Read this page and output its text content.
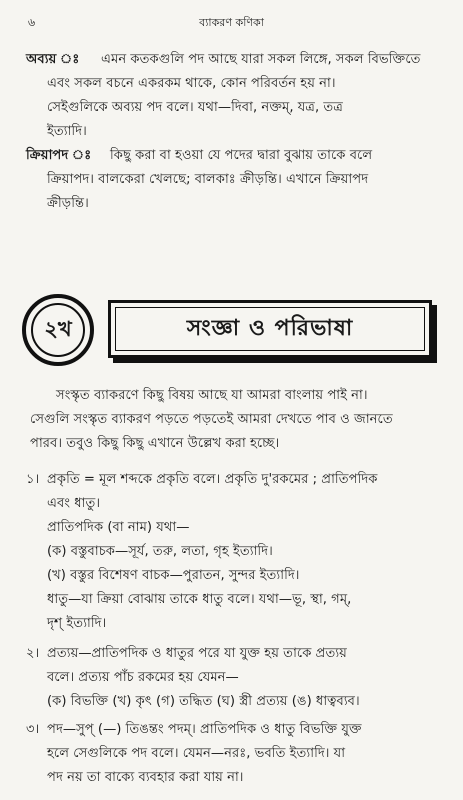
৬	ব্যাকরণ কণিকা
অব্যয় ঃ এমন কতকগুলি পদ আছে যারা সকল লিঙ্গে, সকল বিভক্তিতে
এবং সকল বচনে একরকম থাকে, কোন পরিবর্তন হয় না।
সেইগুলিকে অব্যয় পদ বলে। যথা—দিবা, নক্তম্, যত্র, তত্র
ইত্যাদি।
ক্রিয়াপদ ঃ কিছু করা বা হওয়া যে পদের দ্বারা বুঝায় তাকে বলে
ক্রিয়াপদ। বালকেরা খেলছে; বালকাঃ ক্রীড়ন্তি। এখানে ক্রিয়াপদ
ক্রীড়ন্তি।
২খ	সংজ্ঞা ও পরিভাষা
সংস্কৃত ব্যাকরণে কিছু বিষয় আছে যা আমরা বাংলায় পাই না।
সেগুলি সংস্কৃত ব্যাকরণ পড়তে পড়তেই আমরা দেখতে পাব ও জানতে
পারব। তবুও কিছু কিছু এখানে উল্লেখ করা হচ্ছে।
১। প্রকৃতি = মূল শব্দকে প্রকৃতি বলে। প্রকৃতি দু'রকমের ; প্রাতিপদিক
এবং ধাতু।
প্রাতিপদিক (বা নাম) যথা—
(ক) বস্তুবাচক—সূর্য, তরু, লতা, গৃহ ইত্যাদি।
(খ) বস্তুর বিশেষণ বাচক—পুরাতন, সুন্দর ইত্যাদি।
ধাতু—যা ক্রিয়া বোঝায় তাকে ধাতু বলে। যথা—ভূ, স্থা, গম্,
দৃশ্ ইত্যাদি।
২। প্রত্যয়—প্রাতিপদিক ও ধাতুর পরে যা যুক্ত হয় তাকে প্রত্যয়
বলে। প্রত্যয় পাঁচ রকমের হয় যেমন—
(ক) বিভক্তি (খ) কৃৎ (গ) তদ্ধিত (ঘ) স্ত্রী প্রত্যয় (ঙ) ধাত্বব্যব।
৩। পদ—সুপ্ (—) তিঙন্তং পদম্। প্রাতিপদিক ও ধাতু বিভক্তি যুক্ত
হলে সেগুলিকে পদ বলে। যেমন—নরঃ, ভবতি ইত্যাদি। যা
পদ নয় তা বাক্যে ব্যবহার করা যায় না।
